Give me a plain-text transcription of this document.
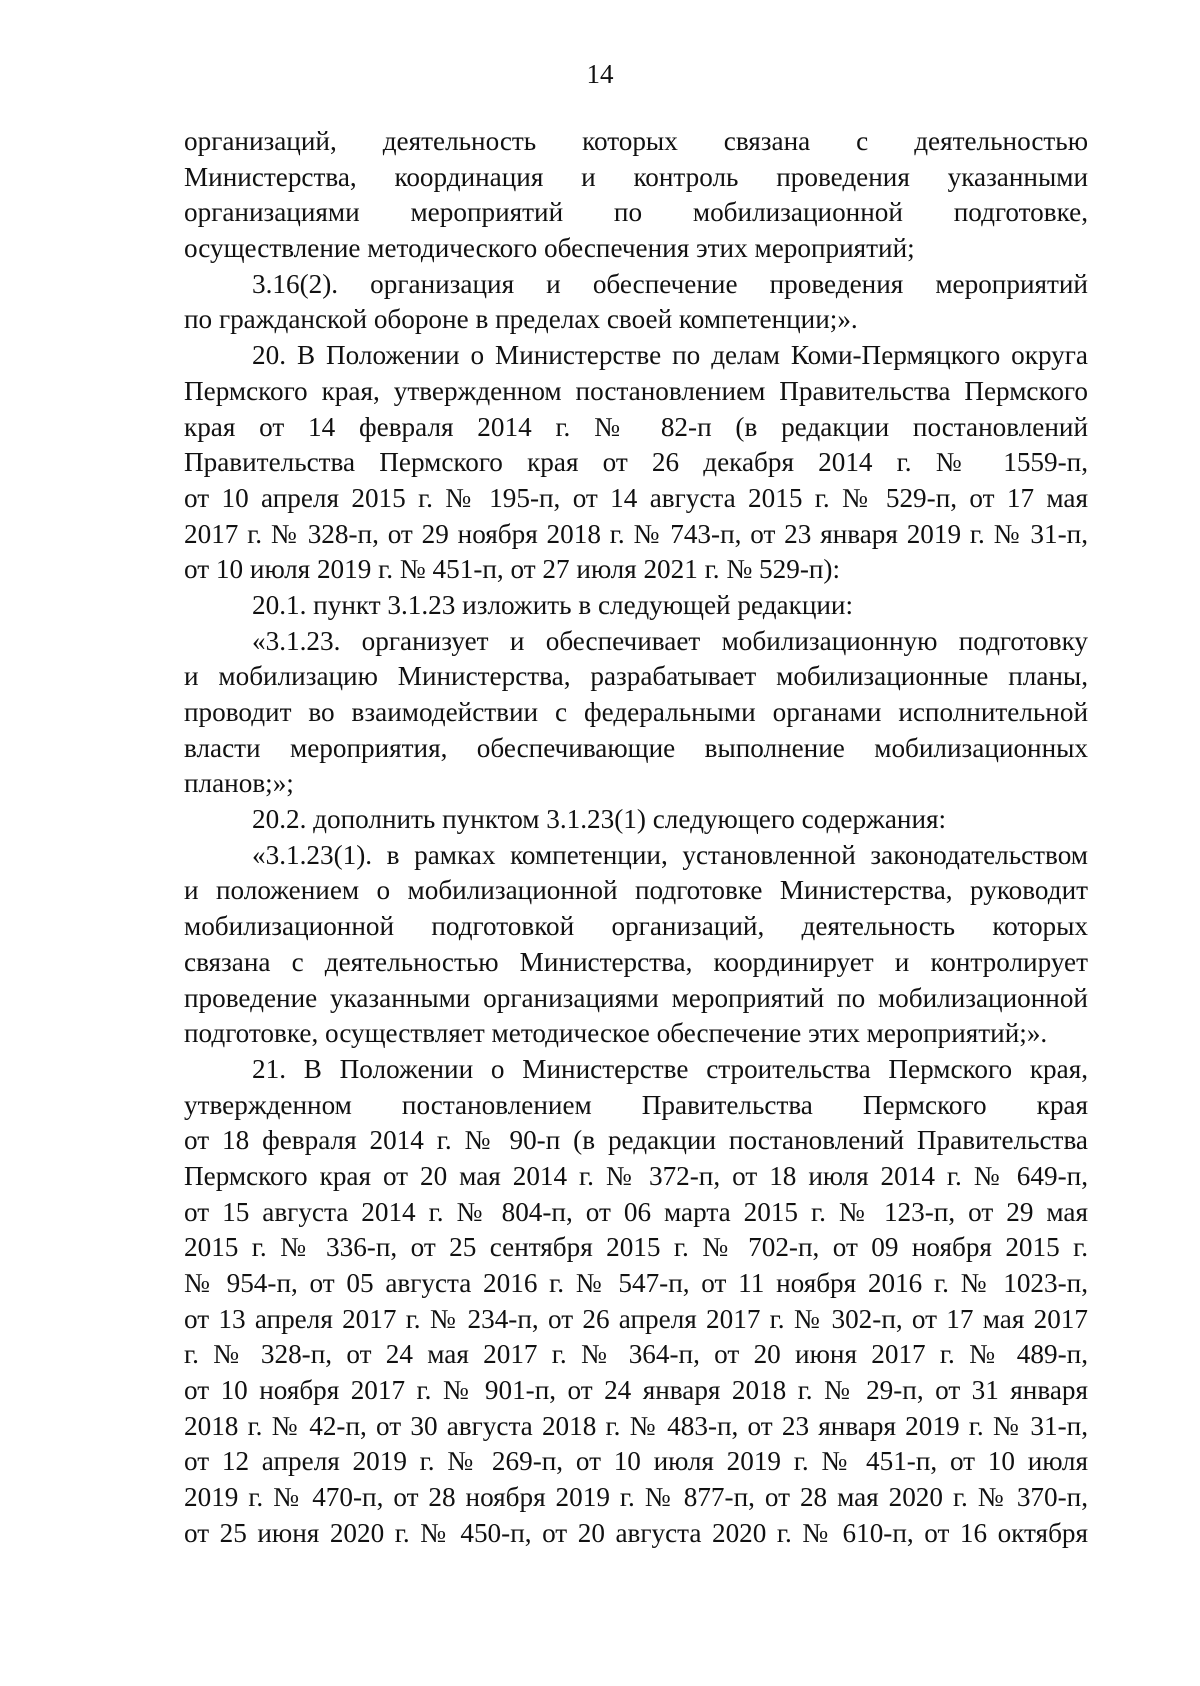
14
организаций, деятельность которых связана с деятельностью
Министерства, координация и контроль проведения указанными
организациями мероприятий по мобилизационной подготовке,
осуществление методического обеспечения этих мероприятий;
3.16(2). организация и обеспечение проведения мероприятий
по гражданской обороне в пределах своей компетенции;».
20. В Положении о Министерстве по делам Коми-Пермяцкого округа
Пермского края, утвержденном постановлением Правительства Пермского
края от 14 февраля 2014 г. № 82-п (в редакции постановлений
Правительства Пермского края от 26 декабря 2014 г. № 1559-п,
от 10 апреля 2015 г. № 195-п, от 14 августа 2015 г. № 529-п, от 17 мая
2017 г. № 328-п, от 29 ноября 2018 г. № 743-п, от 23 января 2019 г. № 31-п,
от 10 июля 2019 г. № 451-п, от 27 июля 2021 г. № 529-п):
20.1. пункт 3.1.23 изложить в следующей редакции:
«3.1.23. организует и обеспечивает мобилизационную подготовку
и мобилизацию Министерства, разрабатывает мобилизационные планы,
проводит во взаимодействии с федеральными органами исполнительной
власти мероприятия, обеспечивающие выполнение мобилизационных
планов;»;
20.2. дополнить пунктом 3.1.23(1) следующего содержания:
«3.1.23(1). в рамках компетенции, установленной законодательством
и положением о мобилизационной подготовке Министерства, руководит
мобилизационной подготовкой организаций, деятельность которых
связана с деятельностью Министерства, координирует и контролирует
проведение указанными организациями мероприятий по мобилизационной
подготовке, осуществляет методическое обеспечение этих мероприятий;».
21. В Положении о Министерстве строительства Пермского края,
утвержденном постановлением Правительства Пермского края
от 18 февраля 2014 г. № 90-п (в редакции постановлений Правительства
Пермского края от 20 мая 2014 г. № 372-п, от 18 июля 2014 г. № 649-п,
от 15 августа 2014 г. № 804-п, от 06 марта 2015 г. № 123-п, от 29 мая
2015 г. № 336-п, от 25 сентября 2015 г. № 702-п, от 09 ноября 2015 г.
№ 954-п, от 05 августа 2016 г. № 547-п, от 11 ноября 2016 г. № 1023-п,
от 13 апреля 2017 г. № 234-п, от 26 апреля 2017 г. № 302-п, от 17 мая 2017
г. № 328-п, от 24 мая 2017 г. № 364-п, от 20 июня 2017 г. № 489-п,
от 10 ноября 2017 г. № 901-п, от 24 января 2018 г. № 29-п, от 31 января
2018 г. № 42-п, от 30 августа 2018 г. № 483-п, от 23 января 2019 г. № 31-п,
от 12 апреля 2019 г. № 269-п, от 10 июля 2019 г. № 451-п, от 10 июля
2019 г. № 470-п, от 28 ноября 2019 г. № 877-п, от 28 мая 2020 г. № 370-п,
от 25 июня 2020 г. № 450-п, от 20 августа 2020 г. № 610-п, от 16 октября
